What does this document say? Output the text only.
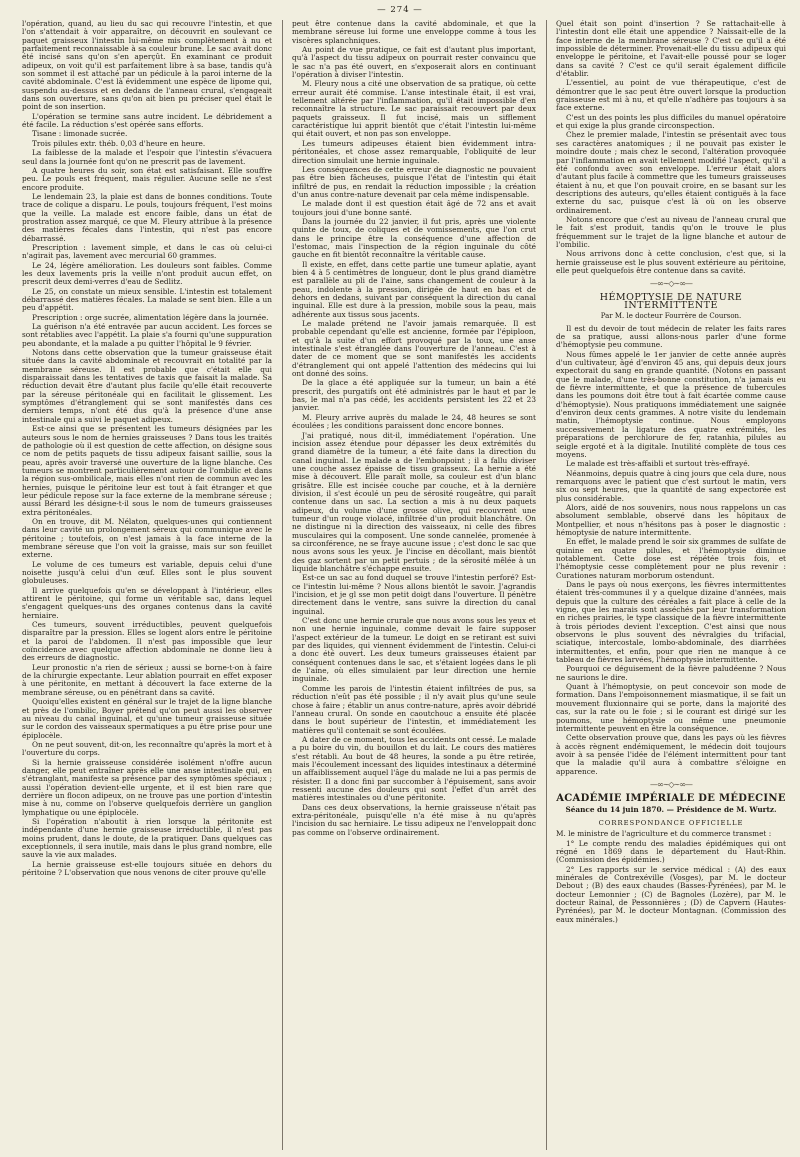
— 274 —

l'opération, quand, au lieu du sac qui recouvre l'intestin, et que l'on s'attendait à voir apparaître, on découvrit en soulevant ce paquet graisseux l'intestin lui-même mis complètement à nu et parfaitement reconnaissable à sa couleur brune. Le sac avait donc été incisé sans qu'on s'en aperçût. En examinant ce produit adipeux, on voit qu'il est parfaitement libre à sa base, tandis qu'à son sommet il est attaché par un pédicule à la paroi interne de la cavité abdominale. C'est là évidemment une espèce de lipome qui, suspendu au-dessus et en dedans de l'anneau crural, s'engageait dans son ouverture, sans qu'on ait bien pu préciser quel était le point de son insertion.

L'opération se termine sans autre incident. Le débridement a été facile. La réduction s'est opérée sans efforts.

Tisane : limonade sucrée.

Trois pilules extr. théb. 0,03 d'heure en heure.

La faiblesse de la malade et l'espoir que l'intestin s'évacuera seul dans la journée font qu'on ne prescrit pas de lavement.

A quatre heures du soir, son état est satisfaisant. Elle souffre peu. Le pouls est fréquent, mais régulier. Aucune selle ne s'est encore produite.

Le lendemain 23, la plaie est dans de bonnes conditions. Toute trace de colique a disparu. Le pouls, toujours fréquent, l'est moins que la veille. La malade est encore faible, dans un état de prostration assez marqué, ce que M. Fleury attribue à la présence des matières fécales dans l'intestin, qui n'est pas encore débarrassé.

Prescription : lavement simple, et dans le cas où celui-ci n'agirait pas, lavement avec mercurial 60 grammes.

Le 24, légère amélioration. Les douleurs sont faibles. Comme les deux lavements pris la veille n'ont produit aucun effet, on prescrit deux demi-verres d'eau de Sedlitz.

Le 25, on constate un mieux sensible. L'intestin est totalement débarrassé des matières fécales. La malade se sent bien. Elle a un peu d'appétit.

Prescription : orge sucrée, alimentation légère dans la journée.

La guérison n'a été entravée par aucun accident. Les forces se sont rétablies avec l'appétit. La plaie s'a fourni qu'une suppuration peu abondante, et la malade a pu quitter l'hôpital le 9 février.

Notons dans cette observation que la tumeur graisseuse était située dans la cavité abdominale et recouvrait en totalité par la membrane séreuse. Il est probable que c'était elle qui disparaissait dans les tentatives de taxis que faisait la malade. Sa réduction devait être d'autant plus facile qu'elle était recouverte par la séreuse péritonéale qui en facilitait le glissement. Les symptômes d'étranglement qui se sont manifestés dans ces derniers temps, n'ont été dus qu'à la présence d'une anse intestinale qui a suivi le paquet adipeux.

Est-ce ainsi que se présentent les tumeurs désignées par les auteurs sous le nom de hernies graisseuses ? Dans tous les traités de pathologie où il est question de cette affection, on désigne sous ce nom de petits paquets de tissu adipeux faisant saillie, sous la peau, après avoir traversé une ouverture de la ligne blanche. Ces tumeurs se montrent particulièrement autour de l'ombilic et dans la région sus-ombilicale, mais elles n'ont rien de commun avec les hernies, puisque le péritoine leur est tout à fait étranger et que leur pédicule repose sur la face externe de la membrane séreuse ; aussi Bérard les désigne-t-il sous le nom de tumeurs graisseuses extra péritonéales.

On en trouve, dit M. Nélaton, quelques-unes qui contiennent dans leur cavité un prolongement séreux qui communique avec le péritoine ; toutefois, on n'est jamais à la face interne de la membrane séreuse que l'on voit la graisse, mais sur son feuillet externe.

Le volume de ces tumeurs est variable, depuis celui d'une noisette jusqu'à celui d'un œuf. Elles sont le plus souvent globuleuses.

Il arrive quelquefois qu'en se développant à l'intérieur, elles attirent le péritoine, qui forme un véritable sac, dans lequel s'engagent quelques-uns des organes contenus dans la cavité herniaire.

Ces tumeurs, souvent irréductibles, peuvent quelquefois disparaître par la pression. Elles se logent alors entre le péritoine et la paroi de l'abdomen. Il n'est pas impossible que leur coïncidence avec quelque affection abdominale ne donne lieu à des erreurs de diagnostic.

Leur pronostic n'a rien de sérieux ; aussi se borne-t-on à faire de la chirurgie expectante. Leur ablation pourrait en effet exposer à une péritonite, en mettant à découvert la face externe de la membrane séreuse, ou en pénétrant dans sa cavité.

Quoiqu'elles existent en général sur le trajet de la ligne blanche et près de l'ombilic, Boyer prétend qu'on peut aussi les observer au niveau du canal inguinal, et qu'une tumeur graisseuse située sur le cordon des vaisseaux spermatiques a pu être prise pour une épiplocèle.

On ne peut souvent, dit-on, les reconnaître qu'après la mort et à l'ouverture du corps.

Si la hernie graisseuse considérée isolément n'offre aucun danger, elle peut entraîner après elle une anse intestinale qui, en s'étranglant, manifeste sa présence par des symptômes spéciaux ; aussi l'opération devient-elle urgente, et il est bien rare que derrière un flocon adipeux, on ne trouve pas une portion d'intestin mise à nu, comme on l'observe quelquefois derrière un ganglion lymphatique ou une épiplocèle.

Si l'opération n'aboutit à rien lorsque la péritonite est indépendante d'une hernie graisseuse irréductible, il n'est pas moins prudent, dans le doute, de la pratiquer. Dans quelques cas exceptionnels, il sera inutile, mais dans le plus grand nombre, elle sauve la vie aux malades.

La hernie graisseuse est-elle toujours située en dehors du péritoine ? L'observation que nous venons de citer prouve qu'elle

peut être contenue dans la cavité abdominale, et que la membrane séreuse lui forme une enveloppe comme à tous les viscères splanchniques.

Au point de vue pratique, ce fait est d'autant plus important, qu'à l'aspect du tissu adipeux on pourrait rester convaincu que le sac n'a pas été ouvert, en s'exposerait alors en continuant l'opération à diviser l'intestin.

M. Fleury nous a cité une observation de sa pratique, où cette erreur aurait été commise. L'anse intestinale était, il est vrai, tellement altérée par l'inflammation, qu'il était impossible d'en reconnaître la structure. Le sac paraissait recouvert par deux paquets graisseux. Il fut incisé, mais un sifflement caractéristique lui apprit bientôt que c'était l'intestin lui-même qui était ouvert, et non pas son enveloppe.

Les tumeurs adipeuses étaient bien évidemment intra-péritonéales, et chose assez remarquable, l'obliquité de leur direction simulait une hernie inguinale.

Les conséquences de cette erreur de diagnostic ne pouvaient pas être bien fâcheuses, puisque l'état de l'intestin qui était infiltré de pus, en rendait la réduction impossible ; la création d'un anus contre-nature devenait par cela même indispensable.

Le malade dont il est question était âgé de 72 ans et avait toujours joui d'une bonne santé.

Dans la journée du 22 janvier, il fut pris, après une violente quinte de toux, de coliques et de vomissements, que l'on crut dans le principe être la conséquence d'une affection de l'estomac, mais l'inspection de la région inguinale du côté gauche en fit bientôt reconnaître la véritable cause.

Il existe, en effet, dans cette partie une tumeur aplatie, ayant bien 4 à 5 centimètres de longueur, dont le plus grand diamètre est parallèle au pli de l'aine, sans changement de couleur à la peau, indolente à la pression, dirigée de haut en bas et de dehors en dedans, suivant par conséquent la direction du canal inguinal. Elle est dure à la pression, mobile sous la peau, mais adhérente aux tissus sous jacents.

Le malade prétend ne l'avoir jamais remarquée. Il est probable cependant qu'elle est ancienne, formée par l'épiploon, et qu'à la suite d'un effort provoqué par la toux, une anse intestinale s'est étranglée dans l'ouverture de l'anneau. C'est à dater de ce moment que se sont manifestés les accidents d'étranglement qui ont appelé l'attention des médecins qui lui ont donné des soins.

De la glace a été appliquée sur la tumeur, un bain a été prescrit, des purgatifs ont été administrés par le haut et par le bas, le mal n'a pas cédé, les accidents persistent les 22 et 23 janvier.

M. Fleury arrive auprès du malade le 24, 48 heures se sont écoulées ; les conditions paraissent donc encore bonnes.

J'ai pratiqué, nous dit-il, immédiatement l'opération. Une incision assez étendue pour dépasser les deux extrémités du grand diamètre de la tumeur, a été faite dans la direction du canal inguinal. Le malade a de l'embonpoint ; il a fallu diviser une couche assez épaisse de tissu graisseux. La hernie a été mise à découvert. Elle paraît molle, sa couleur est d'un blanc grisâtre. Elle est incisée couche par couche, et à la dernière division, il s'est écoulé un peu de sérosité rougeâtre, qui paraît contenue dans un sac. La section a mis à nu deux paquets adipeux, du volume d'une grosse olive, qui recouvrent une tumeur d'un rouge violacé, infiltrée d'un produit blanchâtre. On ne distingue ni la direction des vaisseaux, ni celle des fibres musculaires qui la composent. Une sonde cannelée, promenée à sa circonférence, ne se fraye aucune issue ; c'est donc le sac que nous avons sous les yeux. Je l'incise en décollant, mais bientôt des gaz sortent par un petit pertuis ; de la sérosité mêlée à un liquide blanchâtre s'échappe ensuite.

Est-ce un sac au fond duquel se trouve l'intestin perforé? Est-ce l'intestin lui-même ? Nous allons bientôt le savoir. J'agrandis l'incision, et je gl sse mon petit doigt dans l'ouverture. Il pénètre directement dans le ventre, sans suivre la direction du canal inguinal.

C'est donc une hernie crurale que nous avons sous les yeux et non une hernie inguinale, comme devait le faire supposer l'aspect extérieur de la tumeur. Le doigt en se retirant est suivi par des liquides, qui viennent évidemment de l'intestin. Celui-ci a donc été ouvert. Les deux tumeurs graisseuses étaient par conséquent contenues dans le sac, et s'étaient logées dans le pli de l'aine, où elles simulaient par leur direction une hernie inguinale.

Comme les parois de l'intestin étaient infiltrées de pus, sa réduction n'eût pas été possible ; il n'y avait plus qu'une seule chose à faire ; établir un anus contre-nature, après avoir débridé l'anneau crural. On sonde en caoutchouc a ensuite été placée dans le bout supérieur de l'intestin, et immédiatement les matières qu'il contenait se sont écoulées.

A dater de ce moment, tous les accidents ont cessé. Le malade a pu boire du vin, du bouillon et du lait. Le cours des matières s'est rétabli. Au bout de 48 heures, la sonde a pu être retirée, mais l'écoulement incessant des liquides intestinaux a déterminé un affaiblissement auquel l'âge du malade ne lui a pas permis de résister. Il a donc fini par succomber à l'épuisement, sans avoir ressenti aucune des douleurs qui sont l'effet d'un arrêt des matières intestinales ou d'une péritonite.

Dans ces deux observations, la hernie graisseuse n'était pas extra-péritonéale, puisqu'elle n'a été mise à nu qu'après l'incision du sac herniaire. Le tissu adipeux ne l'enveloppait donc pas comme on l'observe ordinairement.

Quel était son point d'insertion ? Se rattachait-elle à l'intestin dont elle était une appendice ? Naissait-elle de la face interne de la membrane séreuse ? C'est ce qu'il a été impossible de déterminer. Provenait-elle du tissu adipeux qui enveloppe le péritoine, et l'avait-elle poussé pour se loger dans sa cavité ? C'est ce qu'il serait également difficile d'établir.

L'essentiel, au point de vue thérapeutique, c'est de démontrer que le sac peut être ouvert lorsque la production graisseuse est mi à nu, et qu'elle n'adhère pas toujours à sa face externe.

C'est un des points les plus difficiles du manuel opératoire et qui exige la plus grande circonspection.

Chez le premier malade, l'intestin se présentait avec tous ses caractères anatomiques ; il ne pouvait pas exister le moindre doute ; mais chez le second, l'altération provoquée par l'inflammation en avait tellement modifié l'aspect, qu'il a été confondu avec son enveloppe. L'erreur était alors d'autant plus facile à commettre que les tumeurs graisseuses étaient à nu, et que l'on pouvait croire, en se basant sur les descriptions des auteurs, qu'elles étaient contiguës à la face externe du sac, puisque c'est là où on les observe ordinairement.

Notons encore que c'est au niveau de l'anneau crural que le fait s'est produit, tandis qu'on le trouve le plus fréquemment sur le trajet de la ligne blanche et autour de l'ombilic.

Nous arrivons donc à cette conclusion, c'est que, si la hernie graisseuse est le plus souvent extérieure au péritoine, elle peut quelquefois être contenue dans sa cavité.

—∞∼◇∼∞—
HÉMOPTYSIE DE NATURE INTERMITTENTE

Par M. le docteur Fourrère de Courson.

Il est du devoir de tout médecin de relater les faits rares de sa pratique, aussi allons-nous parler d'une forme d'hémoptysie peu commune.

Nous fûmes appelé le 1er janvier de cette année auprès d'un cultivateur, âgé d'environ 45 ans, qui depuis deux jours expectorait du sang en grande quantité. (Notons en passant que le malade, d'une très-bonne constitution, n'a jamais eu de fièvre intermittente, et que la présence de tubercules dans les poumons doit être tout à fait écartée comme cause d'hémoptysie). Nous pratiquons immédiatement une saignée d'environ deux cents grammes. A notre visite du lendemain matin, l'hémoptysie continue. Nous employons successivement la ligature des quatre extrémités, les préparations de perchlorure de fer, ratanhia, pilules au seigle ergoté et à la digitale. Inutilité complète de tous ces moyens.

Le malade est très-affaibli et surtout très-effrayé.

Néanmoins, depuis quatre à cinq jours que cela dure, nous remarquons avec le patient que c'est surtout le matin, vers six ou sept heures, que la quantité de sang expectorée est plus considérable.

Alors, aidé de nos souvenirs, nous nous rappelons un cas absolument semblable, observé dans les hôpitaux de Montpellier, et nous n'hésitons pas à poser le diagnostic : hémoptysie de nature intermittente.

En effet, le malade prend le soir six grammes de sulfate de quinine en quatre pilules, et l'hémoptysie diminue notablement. Cette dose est répétée trois fois, et l'hémoptysie cesse complètement pour ne plus revenir : Curationes naturam morborum ostendunt.

Dans le pays où nous exerçons, les fièvres intermittentes étaient très-communes il y a quelque dizaine d'années, mais depuis que la culture des céréales a fait place à celle de la vigne, que les marais sont asséchés par leur transformation en riches prairies, le type classique de la fièvre intermittente à trois périodes devient l'exception. C'est ainsi que nous observons le plus souvent des névralgies du trifacial, sciatique, intercostale, lombo-abdominale, des diarrhées intermittentes, et enfin, pour que rien ne manque à ce tableau de fièvres larvées, l'hémoptysie intermittente.

Pourquoi ce déguisement de la fièvre paludéenne ? Nous ne saurions le dire.

Quant à l'hémoptysie, on peut concevoir son mode de formation. Dans l'empoisonnement miasmatique, il se fait un mouvement fluxionnaire qui se porte, dans la majorité des cas, sur la rate ou le foie ; si le courant est dirigé sur les poumons, une hémoptysie ou même une pneumonie intermittente peuvent en être la conséquence.

Cette observation prouve que, dans les pays où les fièvres à accès règnent endémiquement, le médecin doit toujours avoir à sa pensée l'idée de l'élément intermittent pour tant que la maladie qu'il aura à combattre s'éloigne en apparence.

—∞∼◇∼∞—
ACADÉMIE IMPÉRIALE DE MÉDECINE

Séance du 14 juin 1870. — Présidence de M. Wurtz.

CORRESPONDANCE OFFICIELLE

M. le ministre de l'agriculture et du commerce transmet :

1° Le compte rendu des maladies épidémiques qui ont régné en 1869 dans le département du Haut-Rhin. (Commission des épidémies.)

2° Les rapports sur le service médical : (A) des eaux minérales de Contrexéville (Vosges), par M. le docteur Debout ; (B) des eaux chaudes (Basses-Pyrénées), par M. le docteur Lemonnier ; (C) de Bagnoles (Lozère), par M. le docteur Rainal, de Pessonnières ; (D) de Capvern (Hautes-Pyrénées), par M. le docteur Montagnan. (Commission des eaux minérales.)
